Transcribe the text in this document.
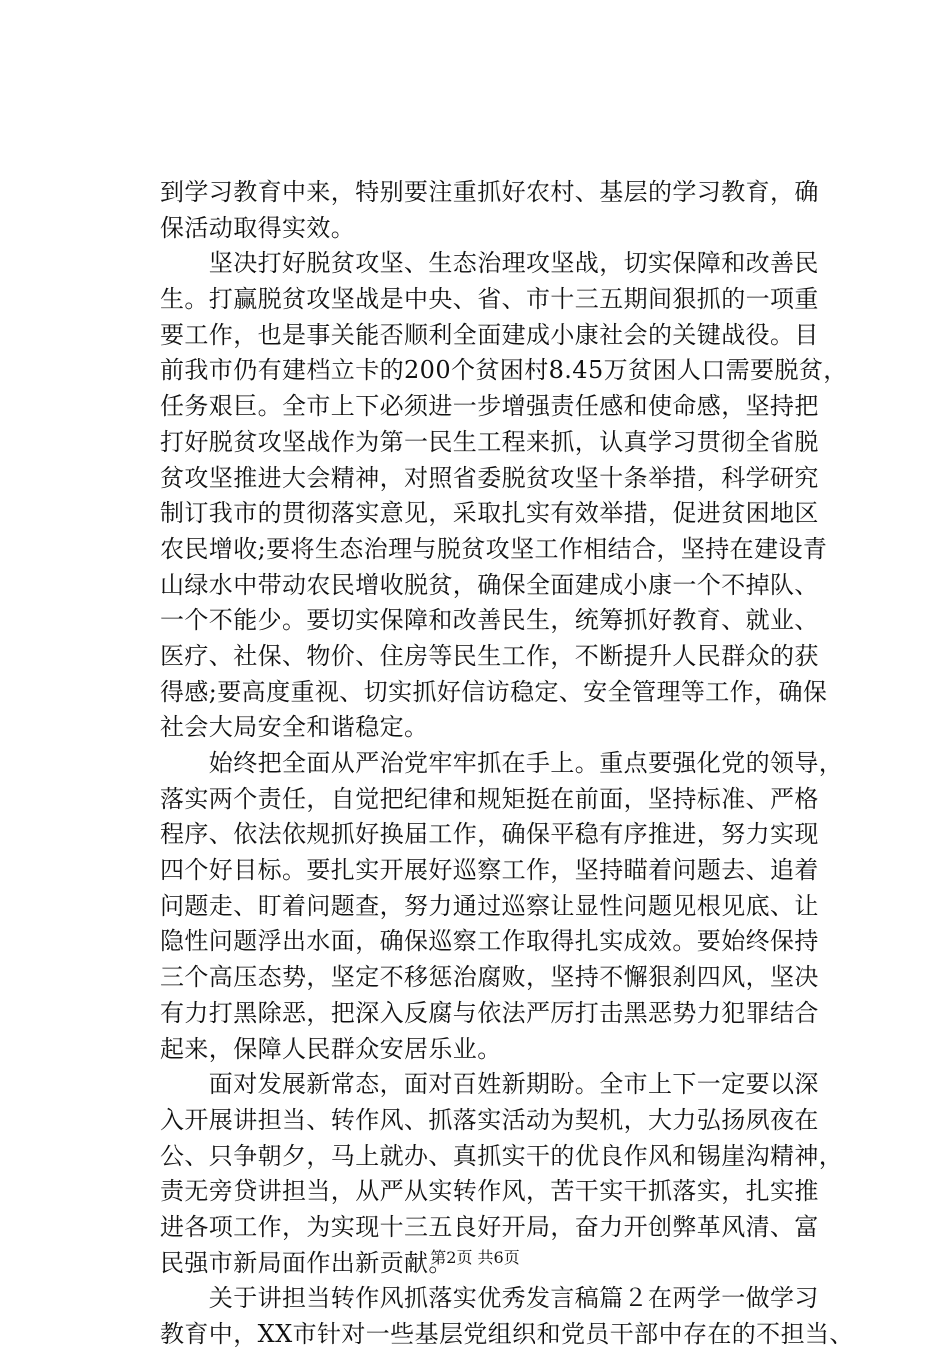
到学习教育中来，特别要注重抓好农村、基层的学习教育，确
保活动取得实效。
　　坚决打好脱贫攻坚、生态治理攻坚战，切实保障和改善民
生。打赢脱贫攻坚战是中央、省、市十三五期间狠抓的一项重
要工作，也是事关能否顺利全面建成小康社会的关键战役。目
前我市仍有建档立卡的200个贫困村8.45万贫困人口需要脱贫，
任务艰巨。全市上下必须进一步增强责任感和使命感，坚持把
打好脱贫攻坚战作为第一民生工程来抓，认真学习贯彻全省脱
贫攻坚推进大会精神，对照省委脱贫攻坚十条举措，科学研究
制订我市的贯彻落实意见，采取扎实有效举措，促进贫困地区
农民增收;要将生态治理与脱贫攻坚工作相结合，坚持在建设青
山绿水中带动农民增收脱贫，确保全面建成小康一个不掉队、
一个不能少。要切实保障和改善民生，统筹抓好教育、就业、
医疗、社保、物价、住房等民生工作，不断提升人民群众的获
得感;要高度重视、切实抓好信访稳定、安全管理等工作，确保
社会大局安全和谐稳定。
　　始终把全面从严治党牢牢抓在手上。重点要强化党的领导，
落实两个责任，自觉把纪律和规矩挺在前面，坚持标准、严格
程序、依法依规抓好换届工作，确保平稳有序推进，努力实现
四个好目标。要扎实开展好巡察工作，坚持瞄着问题去、追着
问题走、盯着问题查，努力通过巡察让显性问题见根见底、让
隐性问题浮出水面，确保巡察工作取得扎实成效。要始终保持
三个高压态势，坚定不移惩治腐败，坚持不懈狠刹四风，坚决
有力打黑除恶，把深入反腐与依法严厉打击黑恶势力犯罪结合
起来，保障人民群众安居乐业。
　　面对发展新常态，面对百姓新期盼。全市上下一定要以深
入开展讲担当、转作风、抓落实活动为契机，大力弘扬夙夜在
公、只争朝夕，马上就办、真抓实干的优良作风和锡崖沟精神，
责无旁贷讲担当，从严从实转作风，苦干实干抓落实，扎实推
进各项工作，为实现十三五良好开局，奋力开创弊革风清、富
民强市新局面作出新贡献。
　　关于讲担当转作风抓落实优秀发言稿篇２在两学一做学习
教育中，XX市针对一些基层党组织和党员干部中存在的不担当、
第2页 共6页
